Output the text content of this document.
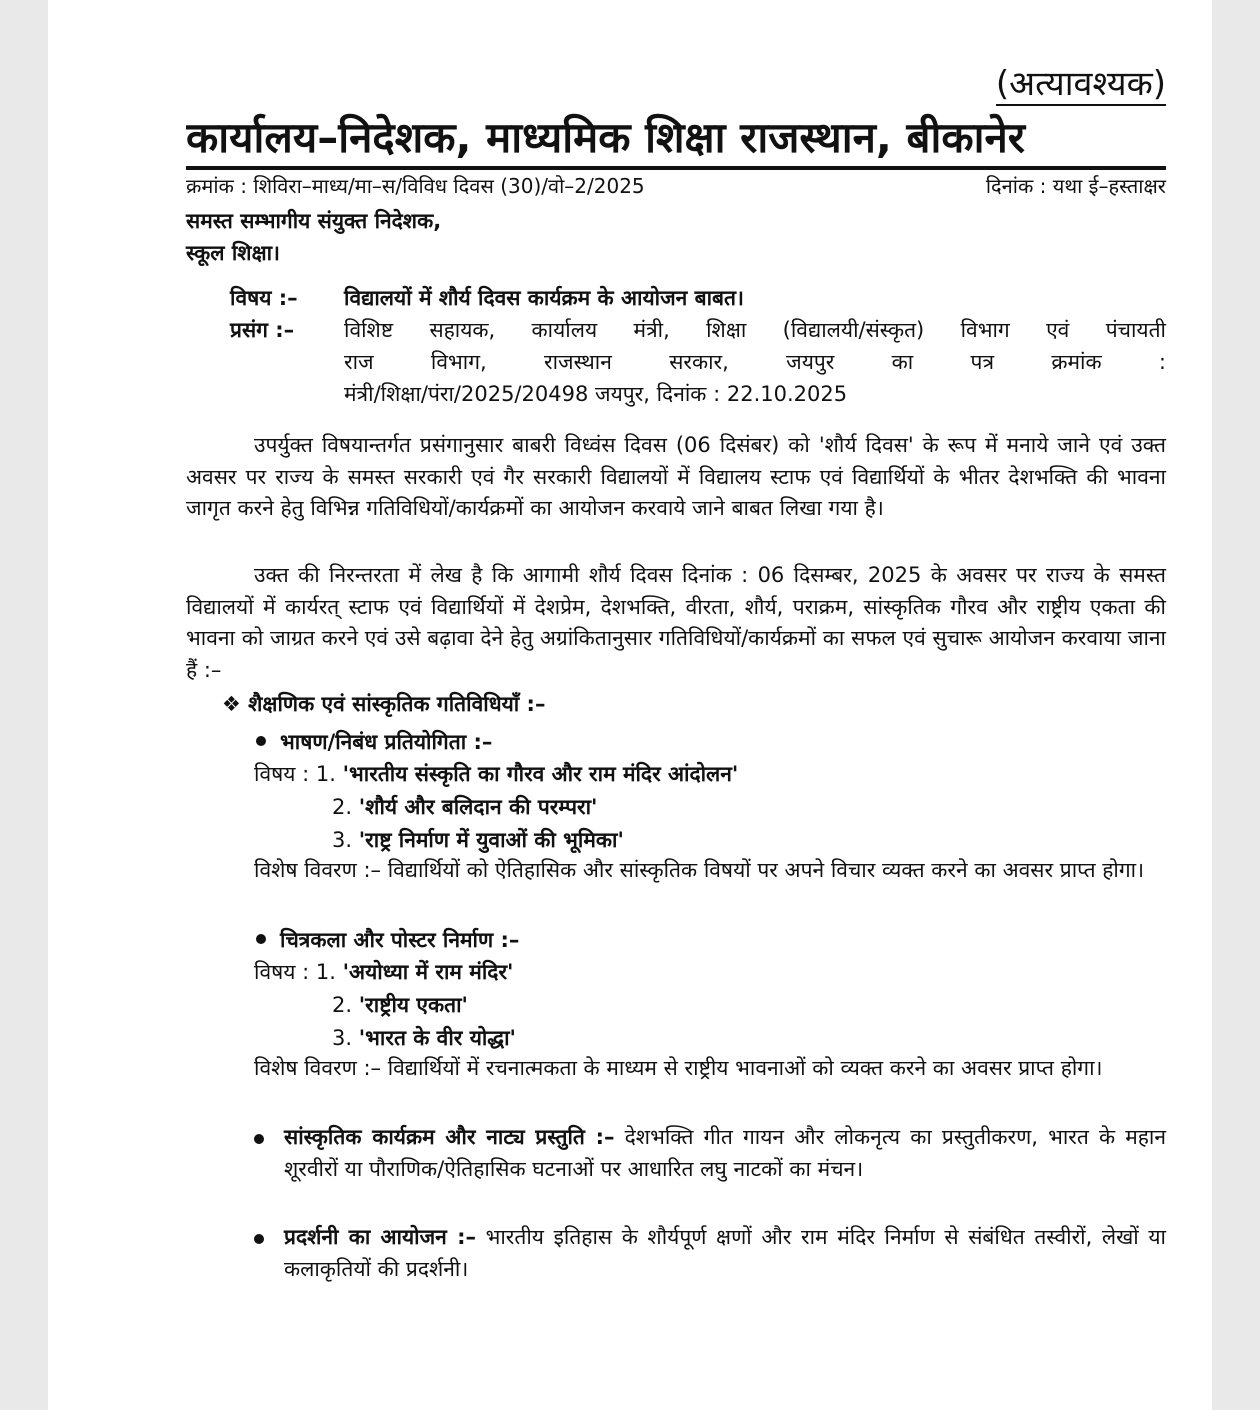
(अत्यावश्यक)
कार्यालय–निदेशक, माध्यमिक शिक्षा राजस्थान, बीकानेर
क्रमांक : शिविरा–माध्य/मा–स/विविध दिवस (30)/वो–2/2025	दिनांक : यथा ई–हस्ताक्षर
समस्त सम्भागीय संयुक्त निदेशक,
स्कूल शिक्षा।
विषय :– विद्यालयों में शौर्य दिवस कार्यक्रम के आयोजन बाबत।
प्रसंग :– विशिष्ट सहायक, कार्यालय मंत्री, शिक्षा (विद्यालयी/संस्कृत) विभाग एवं पंचायती
राज विभाग, राजस्थान सरकार, जयपुर का पत्र क्रमांक :
मंत्री/शिक्षा/पंरा/2025/20498 जयपुर, दिनांक : 22.10.2025
उपर्युक्त विषयान्तर्गत प्रसंगानुसार बाबरी विध्वंस दिवस (06 दिसंबर) को 'शौर्य दिवस' के रूप में मनाये जाने एवं उक्त अवसर पर राज्य के समस्त सरकारी एवं गैर सरकारी विद्यालयों में विद्यालय स्टाफ एवं विद्यार्थियों के भीतर देशभक्ति की भावना जागृत करने हेतु विभिन्न गतिविधियों/कार्यक्रमों का आयोजन करवाये जाने बाबत लिखा गया है।
उक्त की निरन्तरता में लेख है कि आगामी शौर्य दिवस दिनांक : 06 दिसम्बर, 2025 के अवसर पर राज्य के समस्त विद्यालयों में कार्यरत् स्टाफ एवं विद्यार्थियों में देशप्रेम, देशभक्ति, वीरता, शौर्य, पराक्रम, सांस्कृतिक गौरव और राष्ट्रीय एकता की भावना को जाग्रत करने एवं उसे बढ़ावा देने हेतु अग्रांकितानुसार गतिविधियों/कार्यक्रमों का सफल एवं सुचारू आयोजन करवाया जाना हैं :–
❖ शैक्षणिक एवं सांस्कृतिक गतिविधियाँ :–
भाषण/निबंध प्रतियोगिता :–
विषय : 1. 'भारतीय संस्कृति का गौरव और राम मंदिर आंदोलन'
2. 'शौर्य और बलिदान की परम्परा'
3. 'राष्ट्र निर्माण में युवाओं की भूमिका'
विशेष विवरण :– विद्यार्थियों को ऐतिहासिक और सांस्कृतिक विषयों पर अपने विचार व्यक्त करने का अवसर प्राप्त होगा।
चित्रकला और पोस्टर निर्माण :–
विषय : 1. 'अयोध्या में राम मंदिर'
2. 'राष्ट्रीय एकता'
3. 'भारत के वीर योद्धा'
विशेष विवरण :– विद्यार्थियों में रचनात्मकता के माध्यम से राष्ट्रीय भावनाओं को व्यक्त करने का अवसर प्राप्त होगा।
सांस्कृतिक कार्यक्रम और नाट्य प्रस्तुति :– देशभक्ति गीत गायन और लोकनृत्य का प्रस्तुतीकरण, भारत के महान शूरवीरों या पौराणिक/ऐतिहासिक घटनाओं पर आधारित लघु नाटकों का मंचन।
प्रदर्शनी का आयोजन :– भारतीय इतिहास के शौर्यपूर्ण क्षणों और राम मंदिर निर्माण से संबंधित तस्वीरों, लेखों या कलाकृतियों की प्रदर्शनी।
